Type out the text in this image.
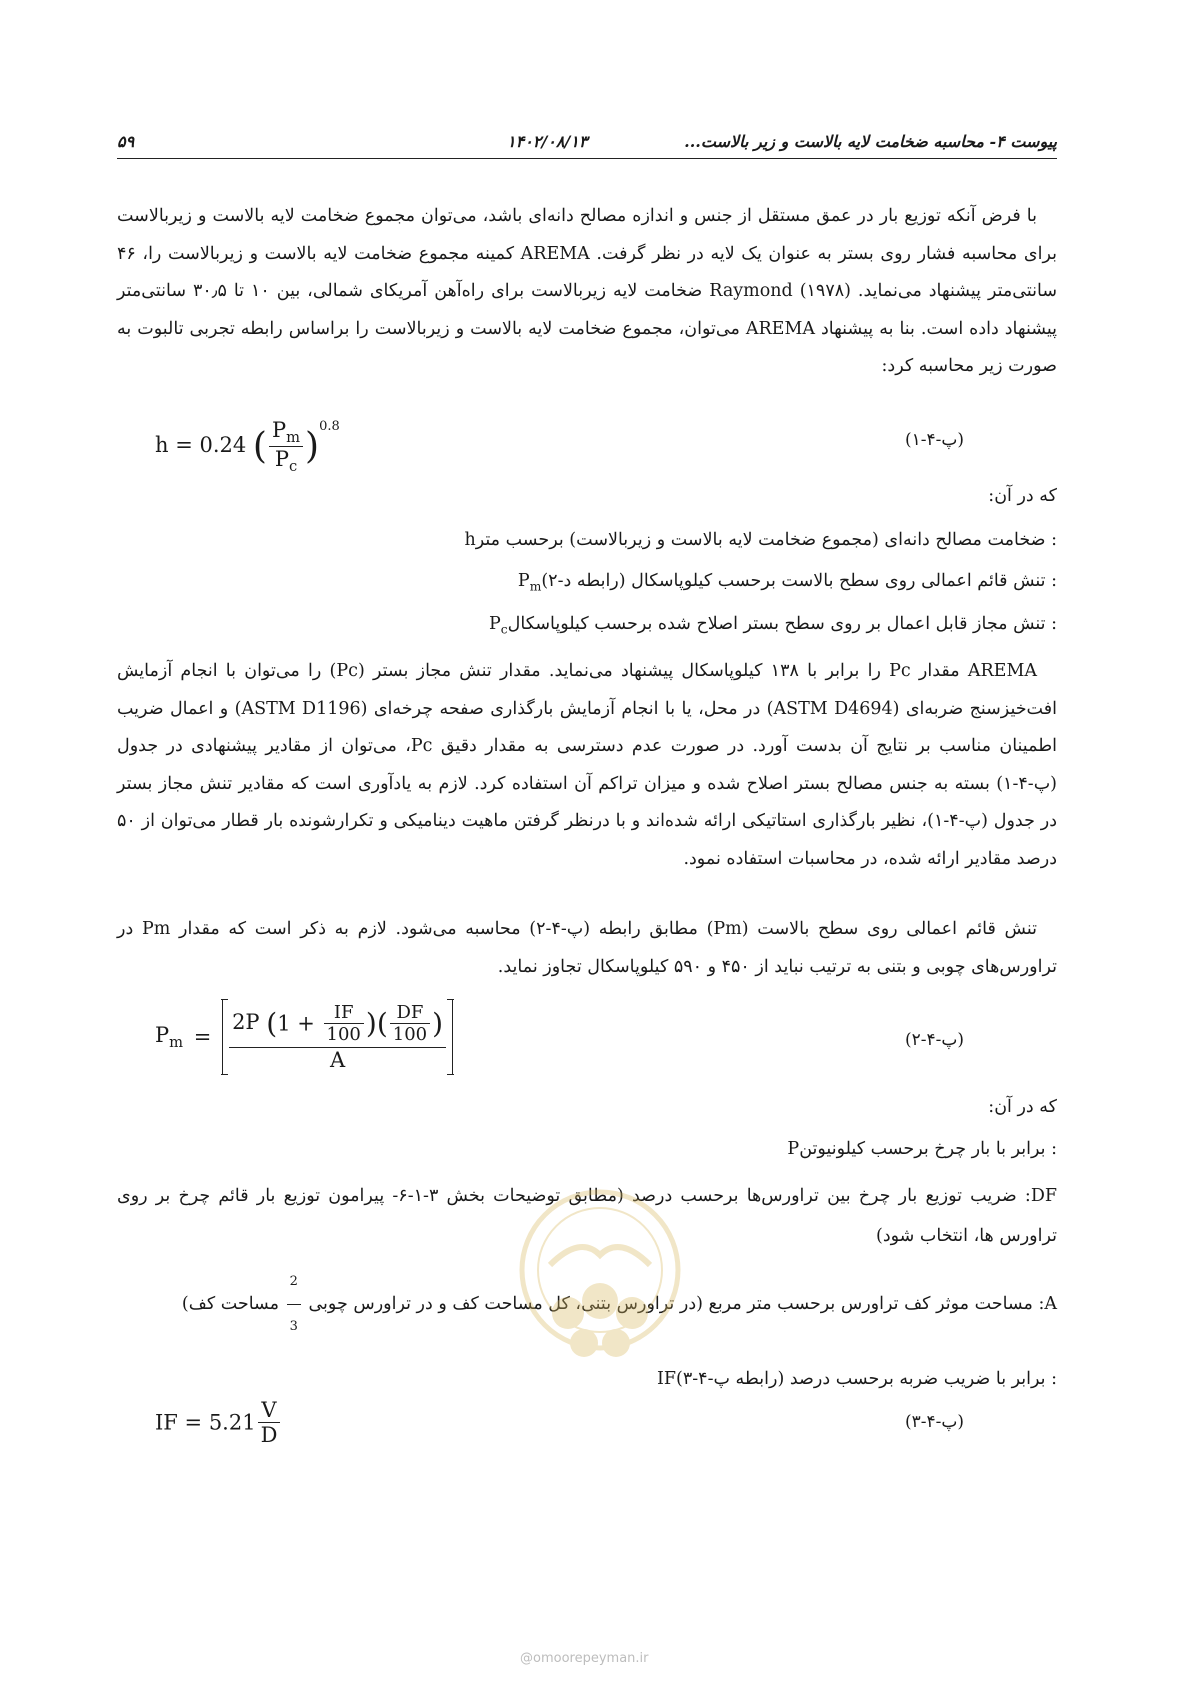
۵۹	۱۴۰۲/۰۸/۱۳	پیوست ۴- محاسبه ضخامت لایه بالاست و زیر بالاست...
با فرض آنکه توزیع بار در عمق مستقل از جنس و اندازه مصالح دانه‌ای باشد، می‌توان مجموع ضخامت لایه بالاست و زیربالاست برای محاسبه فشار روی بستر به عنوان یک لایه در نظر گرفت. AREMA کمینه مجموع ضخامت لایه بالاست و زیربالاست را، ۴۶ سانتی‌متر پیشنهاد می‌نماید. Raymond (۱۹۷۸) ضخامت لایه زیربالاست برای راه‌آهن آمریکای شمالی، بین ۱۰ تا ۳۰٫۵ سانتی‌متر پیشنهاد داده است. بنا به پیشنهاد AREMA می‌توان، مجموع ضخامت لایه بالاست و زیربالاست را براساس رابطه تجربی تالبوت به صورت زیر محاسبه کرد:
h = 0.24 ( $\frac{P_m}{P_c} )^{0.8}$
(پ-۴-۱)
که در آن:
: ضخامت مصالح دانه‌ای (مجموع ضخامت لایه بالاست و زیربالاست) برحسب مترh
: تنش قائم اعمالی روی سطح بالاست برحسب کیلوپاسکال (رابطه $د-۲)P_m$
: تنش مجاز قابل اعمال بر روی سطح بستر اصلاح شده برحسب کیلوپاسکالP$_c$
AREMA مقدار Pc را برابر با ۱۳۸ کیلوپاسکال پیشنهاد می‌نماید. مقدار تنش مجاز بستر (Pc) را می‌توان با انجام آزمایش افت‌خیزسنج ضربه‌ای (ASTM D4694) در محل، یا با انجام آزمایش بارگذاری صفحه چرخه‌ای (ASTM D1196) و اعمال ضریب اطمینان مناسب بر نتایج آن بدست آورد. در صورت عدم دسترسی به مقدار دقیق Pc، می‌توان از مقادیر پیشنهادی در جدول (پ-۴-۱) بسته به جنس مصالح بستر اصلاح شده و میزان تراکم آن استفاده کرد. لازم به یادآوری است که مقادیر تنش مجاز بستر در جدول (پ-۴-۱)، نظیر بارگذاری استاتیکی ارائه شده‌اند و با درنظر گرفتن ماهیت دینامیکی و تکرارشونده بار قطار می‌توان از ۵۰ درصد مقادیر ارائه شده، در محاسبات استفاده نمود.
تنش قائم اعمالی روی سطح بالاست (Pm) مطابق رابطه (پ-۴-۲) محاسبه می‌شود. لازم به ذکر است که مقدار Pm در تراورس‌های چوبی و بتنی به ترتیب نباید از ۴۵۰ و ۵۹۰ کیلوپاسکال تجاوز نماید.
$P_m = \frac{2P (1 + \frac{IF}{100} )( \frac{DF}{100} )}{A}$	(پ-۴-۲)
که در آن:
: برابر با بار چرخ برحسب کیلونیوتنP
DF: ضریب توزیع بار چرخ بین تراورس‌ها برحسب درصد (مطابق توضیحات بخش ۳-۱-۶- پیرامون توزیع بار قائم چرخ بر روی تراورس ها، انتخاب شود)
A: مساحت موثر کف تراورس برحسب متر مربع (در تراورس بتنی، کل مساحت کف و در تراورس چوبی
$\frac{2}{3}$
مساحت کف)
: برابر با ضریب ضربه برحسب درصد (رابطه پ-۴-۳)IF
IF = $5.21 \frac{V}{D}$	(پ-۴-۳)
@omoorepeyman.ir
